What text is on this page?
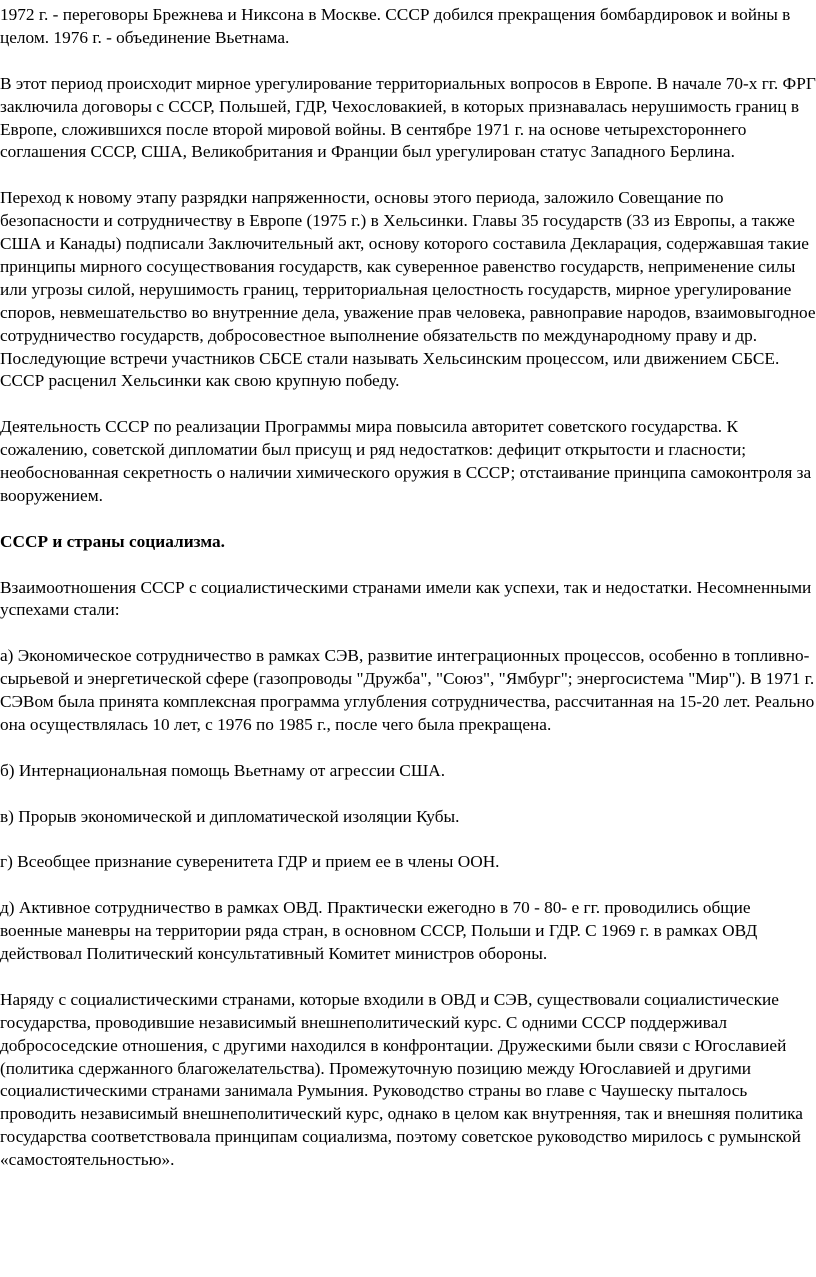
1972 г. - переговоры Брежнева и Никсона в Москве. СССР добился прекращения бомбардировок и войны в целом. 1976 г. - объединение Вьетнама.

В этот период происходит мирное урегулирование территориальных вопросов в Европе. В начале 70-х гг. ФРГ заключила договоры с СССР, Польшей, ГДР, Чехословакией, в которых признавалась нерушимость границ в Европе, сложившихся после второй мировой войны. В сентябре 1971 г. на основе четырехстороннего соглашения СССР, США, Великобритания и Франции был урегулирован статус Западного Берлина.

Переход к новому этапу разрядки напряженности, основы этого периода, заложило Совещание по безопасности и сотрудничеству в Европе (1975 г.) в Хельсинки. Главы 35 государств (33 из Европы, а также США и Канады) подписали Заключительный акт, основу которого составила Декларация, содержавшая такие принципы мирного сосуществования государств, как суверенное равенство государств, неприменение силы или угрозы силой, нерушимость границ, территориальная целостность государств, мирное урегулирование споров, невмешательство во внутренние дела, уважение прав человека, равноправие народов, взаимовыгодное сотрудничество государств, добросовестное выполнение обязательств по международному праву и др. Последующие встречи участников СБСЕ стали называть Хельсинским процессом, или движением СБСЕ. СССР расценил Хельсинки как свою крупную победу.

Деятельность СССР по реализации Программы мира повысила авторитет советского государства. К сожалению, советской дипломатии был присущ и ряд недостатков: дефицит открытости и гласности; необоснованная секретность о наличии химического оружия в СССР; отстаивание принципа самоконтроля за вооружением.

СССР и страны социализма.

Взаимоотношения СССР с социалистическими странами имели как успехи, так и недостатки. Несомненными успехами стали:

а) Экономическое сотрудничество в рамках СЭВ, развитие интеграционных процессов, особенно в топливно-сырьевой и энергетической сфере (газопроводы "Дружба", "Союз", "Ямбург"; энергосистема "Мир"). В 1971 г. СЭВом была принята комплексная программа углубления сотрудничества, рассчитанная на 15-20 лет. Реально она осуществлялась 10 лет, с 1976 по 1985 г., после чего была прекращена.

б) Интернациональная помощь Вьетнаму от агрессии США.

в) Прорыв экономической и дипломатической изоляции Кубы.

г) Всеобщее признание суверенитета ГДР и прием ее в члены ООН.

д) Активное сотрудничество в рамках ОВД. Практически ежегодно в 70 - 80- е гг. проводились общие военные маневры на территории ряда стран, в основном СССР, Польши и ГДР. С 1969 г. в рамках ОВД действовал Политический консультативный Комитет министров обороны.

Наряду с социалистическими странами, которые входили в ОВД и СЭВ, существовали социалистические государства, проводившие независимый внешнеполитический курс. С одними СССР поддерживал добрососедские отношения, с другими находился в конфронтации. Дружескими были связи с Югославией (политика сдержанного благожелательства). Промежуточную позицию между Югославией и другими социалистическими странами занимала Румыния. Руководство страны во главе с Чаушеску пыталось проводить независимый внешнеполитический курс, однако в целом как внутренняя, так и внешняя политика государства соответствовала принципам социализма, поэтому советское руководство мирилось с румынской «самостоятельностью».
